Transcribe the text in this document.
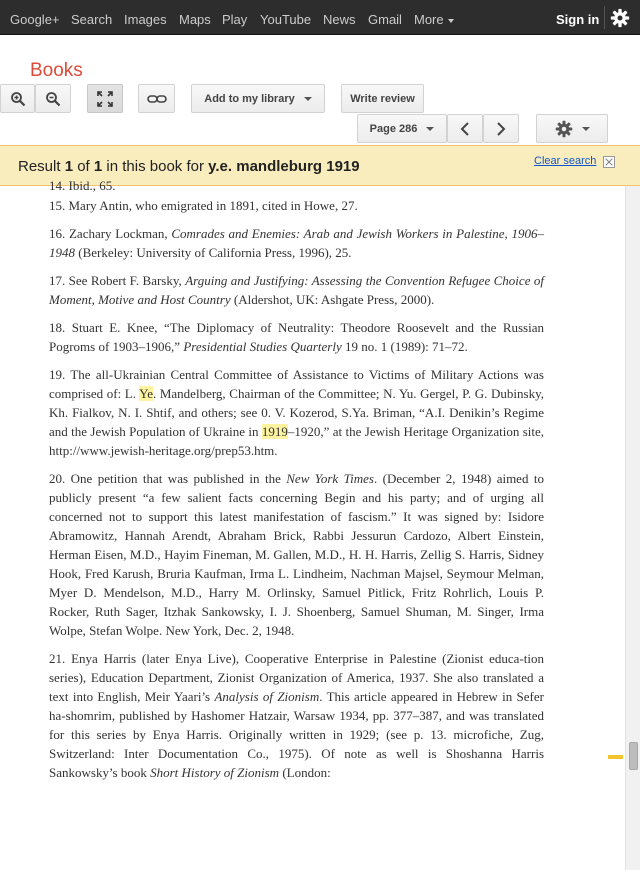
Google+ Search Images Maps Play YouTube News Gmail More	Sign in
Books
Add to my library	Write review
Page 286
Result 1 of 1 in this book for y.e. mandleburg 1919	Clear search

14. Ibid., 65.

15. Mary Antin, who emigrated in 1891, cited in Howe, 27.

16. Zachary Lockman, Comrades and Enemies: Arab and Jewish Workers in Palestine, 1906–1948 (Berkeley: University of California Press, 1996), 25.

17. See Robert F. Barsky, Arguing and Justifying: Assessing the Convention Refugee Choice of Moment, Motive and Host Country (Aldershot, UK: Ashgate Press, 2000).

18. Stuart E. Knee, “The Diplomacy of Neutrality: Theodore Roosevelt and the Russian Pogroms of 1903–1906,” Presidential Studies Quarterly 19 no. 1 (1989): 71–72.

19. The all-Ukrainian Central Committee of Assistance to Victims of Military Actions was comprised of: L. Ye. Mandelberg, Chairman of the Committee; N. Yu. Gergel, P. G. Dubinsky, Kh. Fialkov, N. I. Shtif, and others; see 0. V. Kozerod, S.Ya. Briman, “A.I. Denikin’s Regime and the Jewish Population of Ukraine in 1919–1920,” at the Jewish Heritage Organization site, http://www.jewish-heritage.org/prep53.htm.

20. One petition that was published in the New York Times. (December 2, 1948) aimed to publicly present “a few salient facts concerning Begin and his party; and of urging all concerned not to support this latest manifestation of fascism.” It was signed by: Isidore Abramowitz, Hannah Arendt, Abraham Brick, Rabbi Jessurun Cardozo, Albert Einstein, Herman Eisen, M.D., Hayim Fineman, M. Gallen, M.D., H. H. Harris, Zellig S. Harris, Sidney Hook, Fred Karush, Bruria Kaufman, Irma L. Lindheim, Nachman Majsel, Seymour Melman, Myer D. Mendelson, M.D., Harry M. Orlinsky, Samuel Pitlick, Fritz Rohrlich, Louis P. Rocker, Ruth Sager, Itzhak Sankowsky, I. J. Shoenberg, Samuel Shuman, M. Singer, Irma Wolpe, Stefan Wolpe. New York, Dec. 2, 1948.

21. Enya Harris (later Enya Live), Cooperative Enterprise in Palestine (Zionist educa-tion series), Education Department, Zionist Organization of America, 1937. She also translated a text into English, Meir Yaari’s Analysis of Zionism. This article appeared in Hebrew in Sefer ha-shomrim, published by Hashomer Hatzair, Warsaw 1934, pp. 377–387, and was translated for this series by Enya Harris. Originally written in 1929; (see p. 13. microfiche, Zug, Switzerland: Inter Documentation Co., 1975). Of note as well is Shoshanna Harris Sankowsky’s book Short History of Zionism (London:
